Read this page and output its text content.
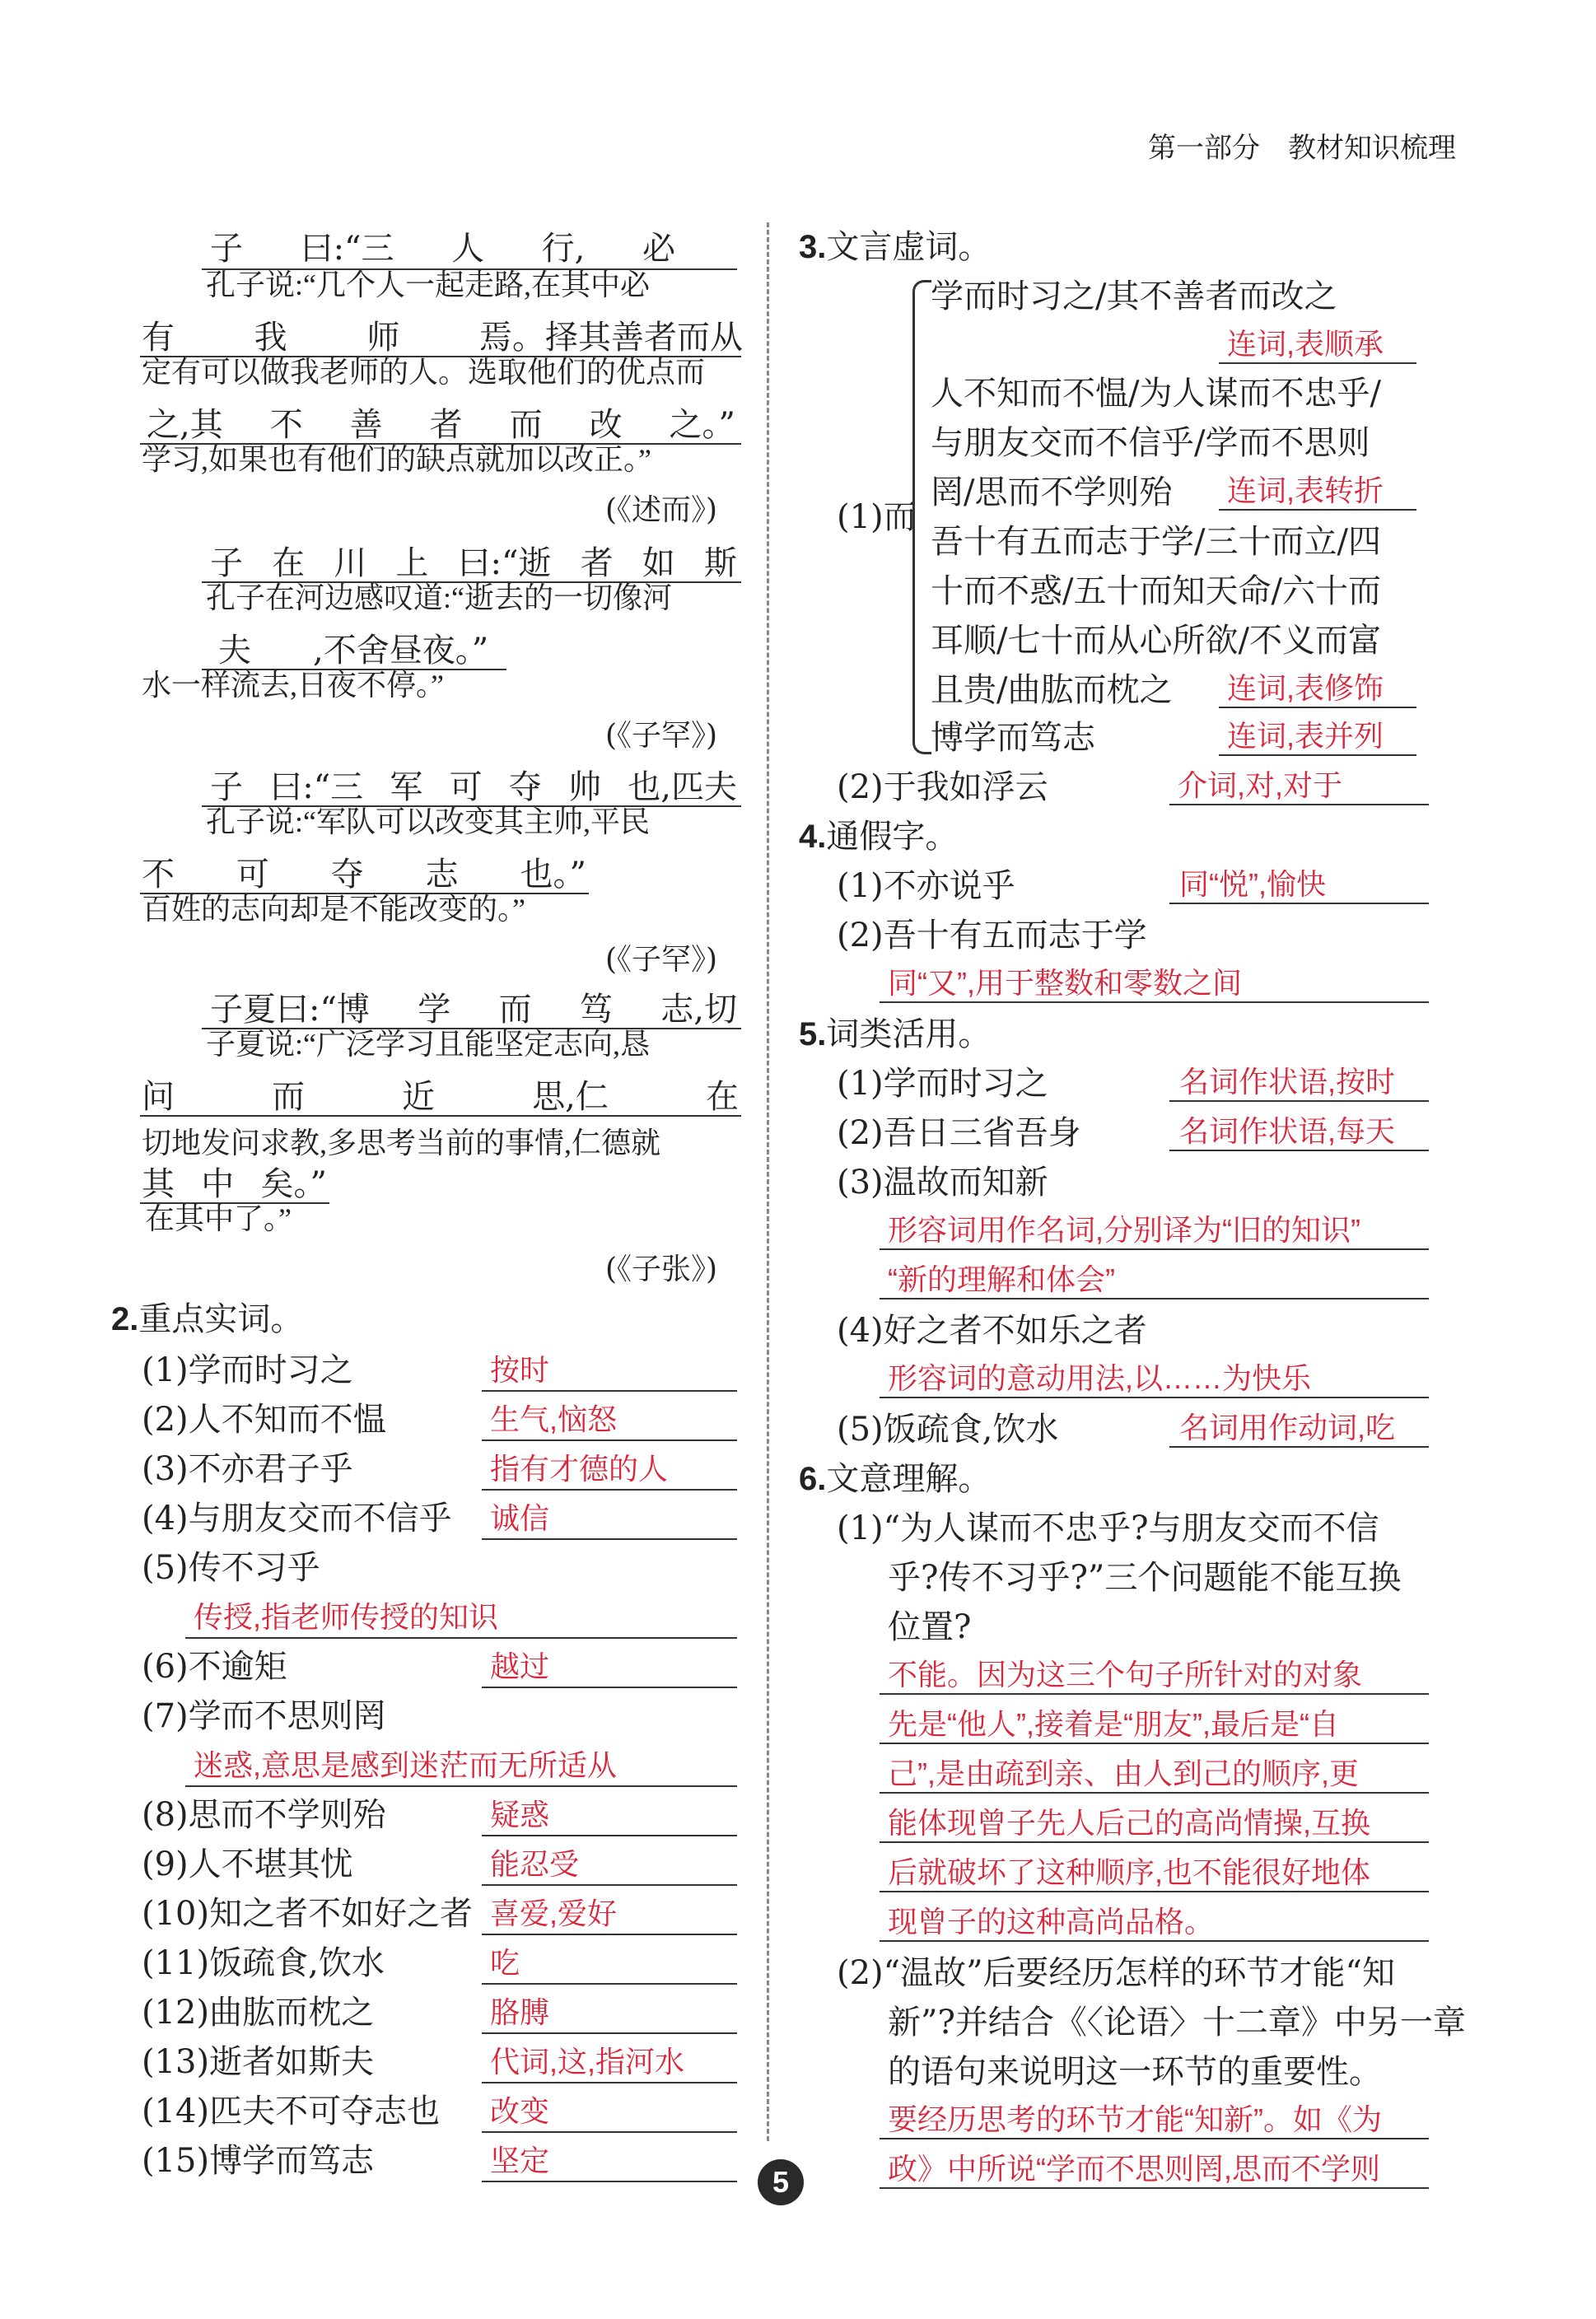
第一部分　教材知识梳理
子 曰:“三 人 行, 必
孔子说:“几个人一起走路,在其中必
有 我 师 焉。择其善者而从
定有可以做我老师的人。选取他们的优点而
之,其 不 善 者 而 改 之。”
学习,如果也有他们的缺点就加以改正。”
(《述而》)
子 在 川 上 曰:“逝 者 如 斯
孔子在河边感叹道:“逝去的一切像河
夫 ,不舍昼夜。”
水一样流去,日夜不停。”
(《子罕》)
子 曰:“三 军 可 夺 帅 也,匹夫
孔子说:“军队可以改变其主帅,平民
不 可 夺 志 也。”
百姓的志向却是不能改变的。”
(《子罕》)
子夏曰:“博 学 而 笃 志,切
子夏说:“广泛学习且能坚定志向,恳
问	而	近	思,仁	在
切地发问求教,多思考当前的事情,仁德就
其 中 矣。”
在其中了。”
(《子张》)
2.重点实词。
(1)学而时习之	按时
(2)人不知而不愠	生气,恼怒
(3)不亦君子乎	指有才德的人
(4)与朋友交而不信乎 诚信
(5)传不习乎
传授,指老师传授的知识
(6)不逾矩	越过
(7)学而不思则罔
迷惑,意思是感到迷茫而无所适从
(8)思而不学则殆	疑惑
(9)人不堪其忧	能忍受
(10)知之者不如好之者 喜爱,爱好
(11)饭疏食,饮水	吃
(12)曲肱而枕之	胳膊
(13)逝者如斯夫	代词,这,指河水
(14)匹夫不可夺志也 改变
(15)博学而笃志	坚定
3.文言虚词。
(1)而
学而时习之/其不善者而改之
连词,表顺承
人不知而不愠/为人谋而不忠乎/
与朋友交而不信乎/学而不思则
罔/思而不学则殆 连词,表转折
吾十有五而志于学/三十而立/四
十而不惑/五十而知天命/六十而
耳顺/七十而从心所欲/不义而富
且贵/曲肱而枕之 连词,表修饰
博学而笃志	连词,表并列
(2)于我如浮云	介词,对,对于
4.通假字。
(1)不亦说乎	同“悦”,愉快
(2)吾十有五而志于学
同“又”,用于整数和零数之间
5.词类活用。
(1)学而时习之	名词作状语,按时
(2)吾日三省吾身	名词作状语,每天
(3)温故而知新
形容词用作名词,分别译为“旧的知识”
“新的理解和体会”
(4)好之者不如乐之者
形容词的意动用法,以……为快乐
(5)饭疏食,饮水	名词用作动词,吃
6.文意理解。
(1)“为人谋而不忠乎?与朋友交而不信
乎?传不习乎?”三个问题能不能互换
位置?
不能。因为这三个句子所针对的对象
先是“他人”,接着是“朋友”,最后是“自
己”,是由疏到亲、由人到己的顺序,更
能体现曾子先人后己的高尚情操,互换
后就破坏了这种顺序,也不能很好地体
现曾子的这种高尚品格。
(2)“温故”后要经历怎样的环节才能“知
新”?并结合《〈论语〉十二章》中另一章
的语句来说明这一环节的重要性。
要经历思考的环节才能“知新”。如《为
政》中所说“学而不思则罔,思而不学则
5
